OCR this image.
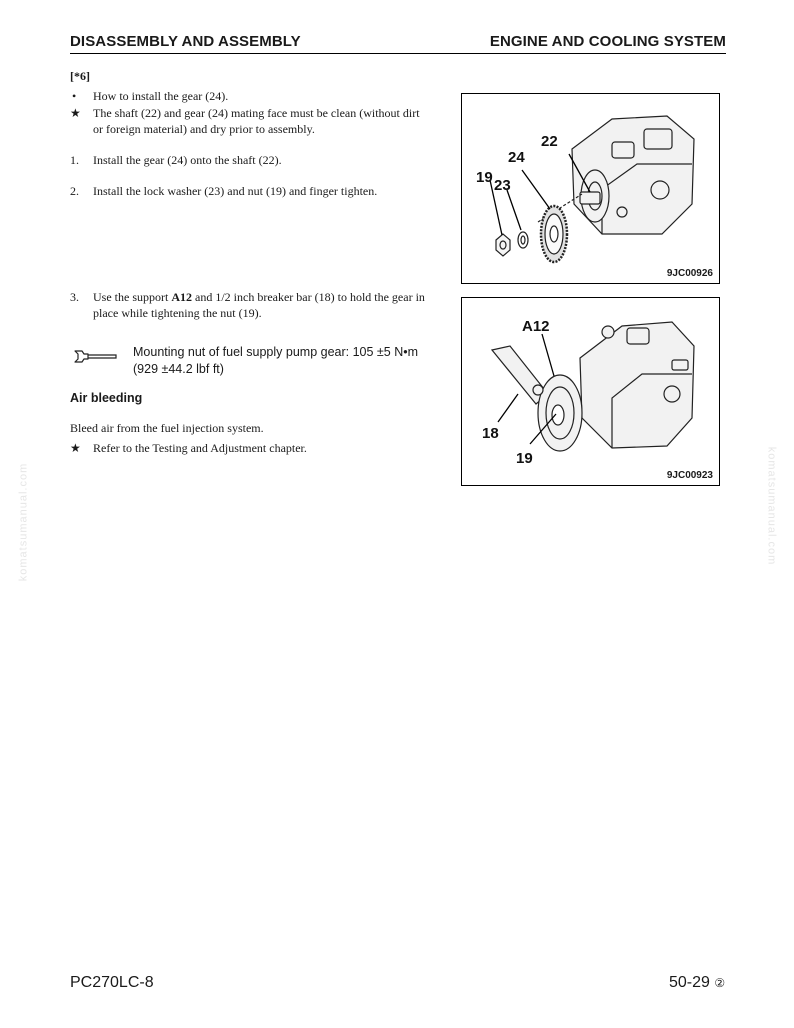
DISASSEMBLY AND ASSEMBLY	ENGINE AND COOLING SYSTEM
[*6]
• How to install the gear (24).
★ The shaft (22) and gear (24) mating face must be clean (without dirt
or foreign material) and dry prior to assembly.
1. Install the gear (24) onto the shaft (22).
2. Install the lock washer (23) and nut (19) and finger tighten.
3. Use the support A12 and 1/2 inch breaker bar (18) to hold the gear in
place while tightening the nut (19).
Mounting nut of fuel supply pump gear: 105 ±5 N•m
(929 ±44.2 lbf ft)
Air bleeding
Bleed air from the fuel injection system.
★ Refer to the Testing and Adjustment chapter.
22
24
19 23
9JC00926
A12
18
19
9JC00923
komatsumanual.com	komatsumanual.com
PC270LC-8	50-29 ②
